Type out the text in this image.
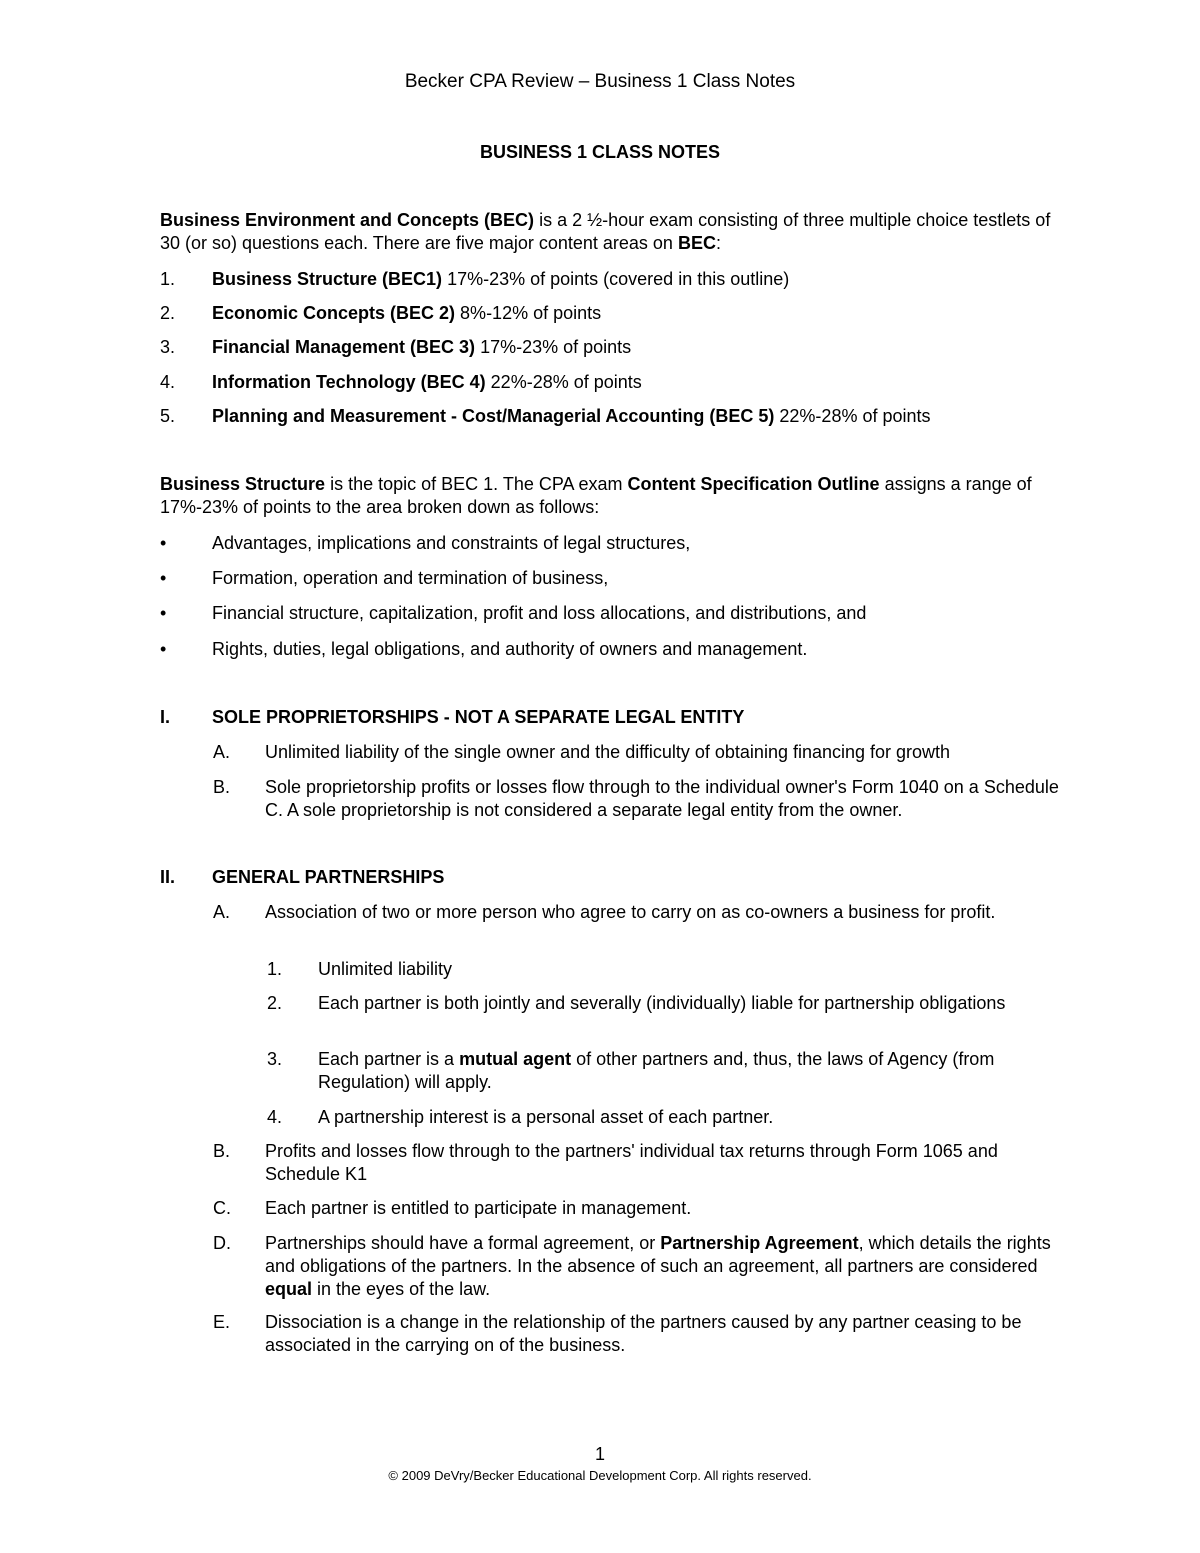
Becker CPA Review – Business 1 Class Notes
BUSINESS 1 CLASS NOTES

Business Environment and Concepts (BEC) is a 2 ½-hour exam consisting of three multiple choice testlets of 30 (or so) questions each. There are five major content areas on BEC:

1. Business Structure (BEC1) 17%-23% of points (covered in this outline)
2. Economic Concepts (BEC 2) 8%-12% of points
3. Financial Management (BEC 3) 17%-23% of points
4. Information Technology (BEC 4) 22%-28% of points
5. Planning and Measurement - Cost/Managerial Accounting (BEC 5) 22%-28% of points

Business Structure is the topic of BEC 1. The CPA exam Content Specification Outline assigns a range of 17%-23% of points to the area broken down as follows:

•	Advantages, implications and constraints of legal structures,
•	Formation, operation and termination of business,
•	Financial structure, capitalization, profit and loss allocations, and distributions, and
•	Rights, duties, legal obligations, and authority of owners and management.
I. SOLE PROPRIETORSHIPS - NOT A SEPARATE LEGAL ENTITY
A. Unlimited liability of the single owner and the difficulty of obtaining financing for growth
B. Sole proprietorship profits or losses flow through to the individual owner's Form 1040 on a Schedule C. A sole proprietorship is not considered a separate legal entity from the owner.
II. GENERAL PARTNERSHIPS
A. Association of two or more person who agree to carry on as co-owners a business for profit.
1. Unlimited liability
2. Each partner is both jointly and severally (individually) liable for partnership obligations
3. Each partner is a mutual agent of other partners and, thus, the laws of Agency (from Regulation) will apply.
4. A partnership interest is a personal asset of each partner.
B. Profits and losses flow through to the partners' individual tax returns through Form 1065 and Schedule K1
C. Each partner is entitled to participate in management.
D. Partnerships should have a formal agreement, or Partnership Agreement, which details the rights and obligations of the partners. In the absence of such an agreement, all partners are considered equal in the eyes of the law.
E. Dissociation is a change in the relationship of the partners caused by any partner ceasing to be associated in the carrying on of the business.
1
© 2009 DeVry/Becker Educational Development Corp. All rights reserved.
